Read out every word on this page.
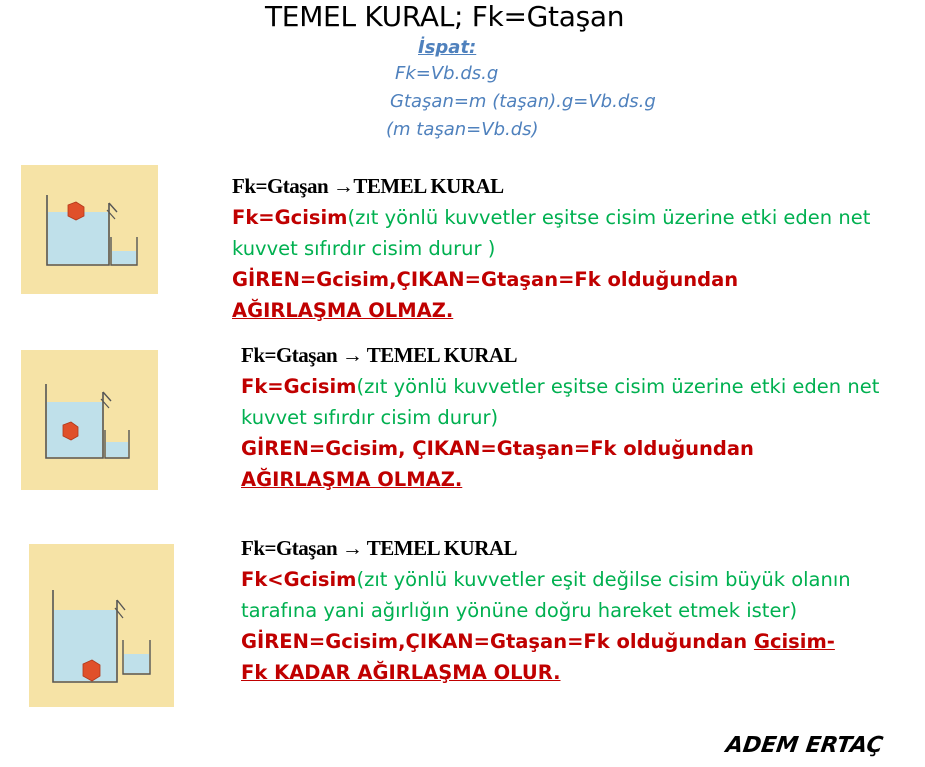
TEMEL KURAL; Fk=Gtaşan
İspat:
Fk=Vb.ds.g
Gtaşan=m (taşan).g=Vb.ds.g
(m taşan=Vb.ds)
Fk=Gtaşan →TEMEL KURAL
Fk=Gcisim(zıt yönlü kuvvetler eşitse cisim üzerine etki eden net kuvvet sıfırdır cisim durur )
GİREN=Gcisim,ÇIKAN=Gtaşan=Fk olduğundan AĞIRLAŞMA OLMAZ.
Fk=Gtaşan → TEMEL KURAL
Fk=Gcisim(zıt yönlü kuvvetler eşitse cisim üzerine etki eden net kuvvet sıfırdır cisim durur)
GİREN=Gcisim, ÇIKAN=Gtaşan=Fk olduğundan AĞIRLAŞMA OLMAZ.
Fk=Gtaşan → TEMEL KURAL
Fk<Gcisim(zıt yönlü kuvvetler eşit değilse cisim büyük olanın tarafına yani ağırlığın yönüne doğru hareket etmek ister)
GİREN=Gcisim,ÇIKAN=Gtaşan=Fk olduğundan Gcisim-Fk KADAR AĞIRLAŞMA OLUR.
ADEM ERTAÇ
